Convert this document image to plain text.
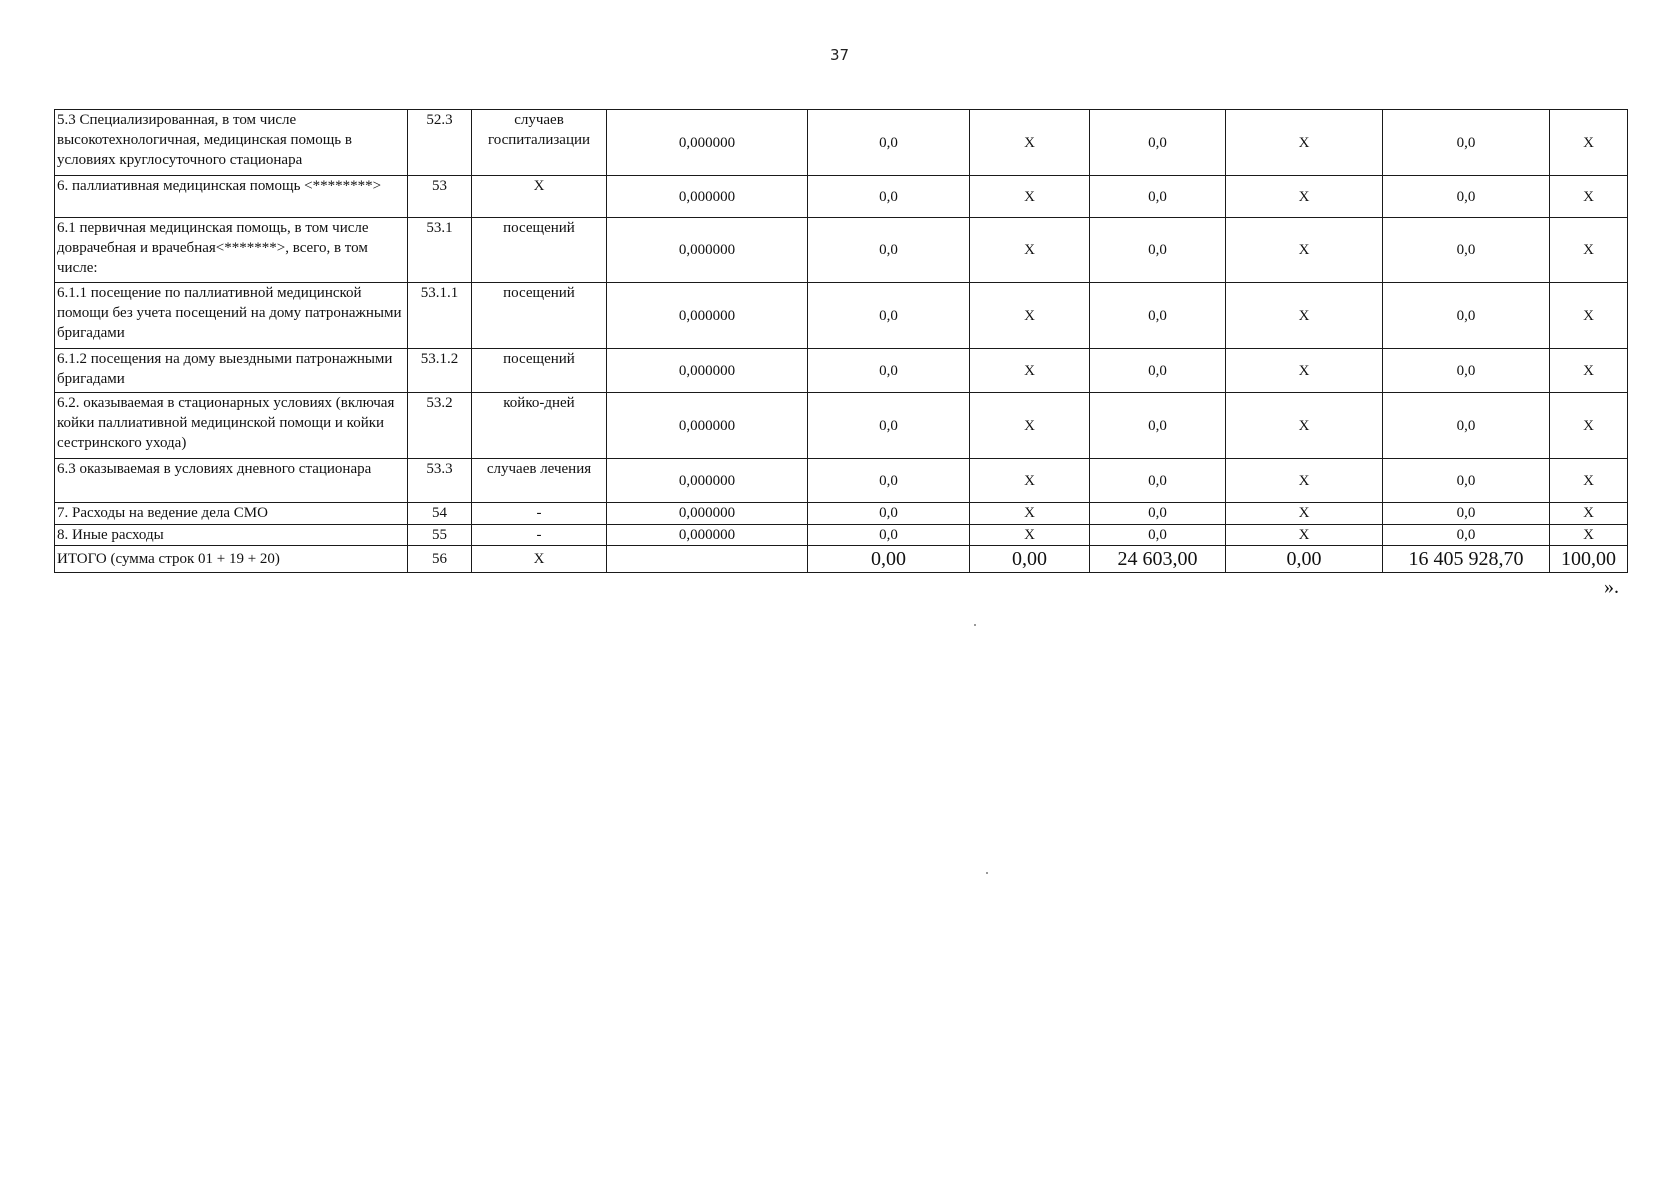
37
5.3 Специализированная, в том числе высокотехнологичная, медицинская помощь в условиях круглосуточного стационара	52.3	случаев госпитализации	0,000000	0,0	X	0,0	X	0,0	X
6. паллиативная медицинская помощь <********>	53	X	0,000000	0,0	X	0,0	X	0,0	X
6.1 первичная медицинская помощь, в том числе доврачебная и врачебная<*******>, всего, в том числе:	53.1	посещений	0,000000	0,0	X	0,0	X	0,0	X
6.1.1 посещение по паллиативной медицинской помощи без учета посещений на дому патронажными бригадами	53.1.1	посещений	0,000000	0,0	X	0,0	X	0,0	X
6.1.2 посещения на дому выездными патронажными бригадами	53.1.2	посещений	0,000000	0,0	X	0,0	X	0,0	X
6.2. оказываемая в стационарных условиях (включая койки паллиативной медицинской помощи и койки сестринского ухода)	53.2	койко-дней	0,000000	0,0	X	0,0	X	0,0	X
6.3 оказываемая в условиях дневного стационара	53.3	случаев лечения	0,000000	0,0	X	0,0	X	0,0	X
7. Расходы на ведение дела СМО	54	-	0,000000	0,0	X	0,0	X	0,0	X
8. Иные расходы	55	-	0,000000	0,0	X	0,0	X	0,0	X
ИТОГО (сумма строк 01 + 19 + 20)	56	X		0,00	0,00	24 603,00	0,00	16 405 928,70	100,00
».
